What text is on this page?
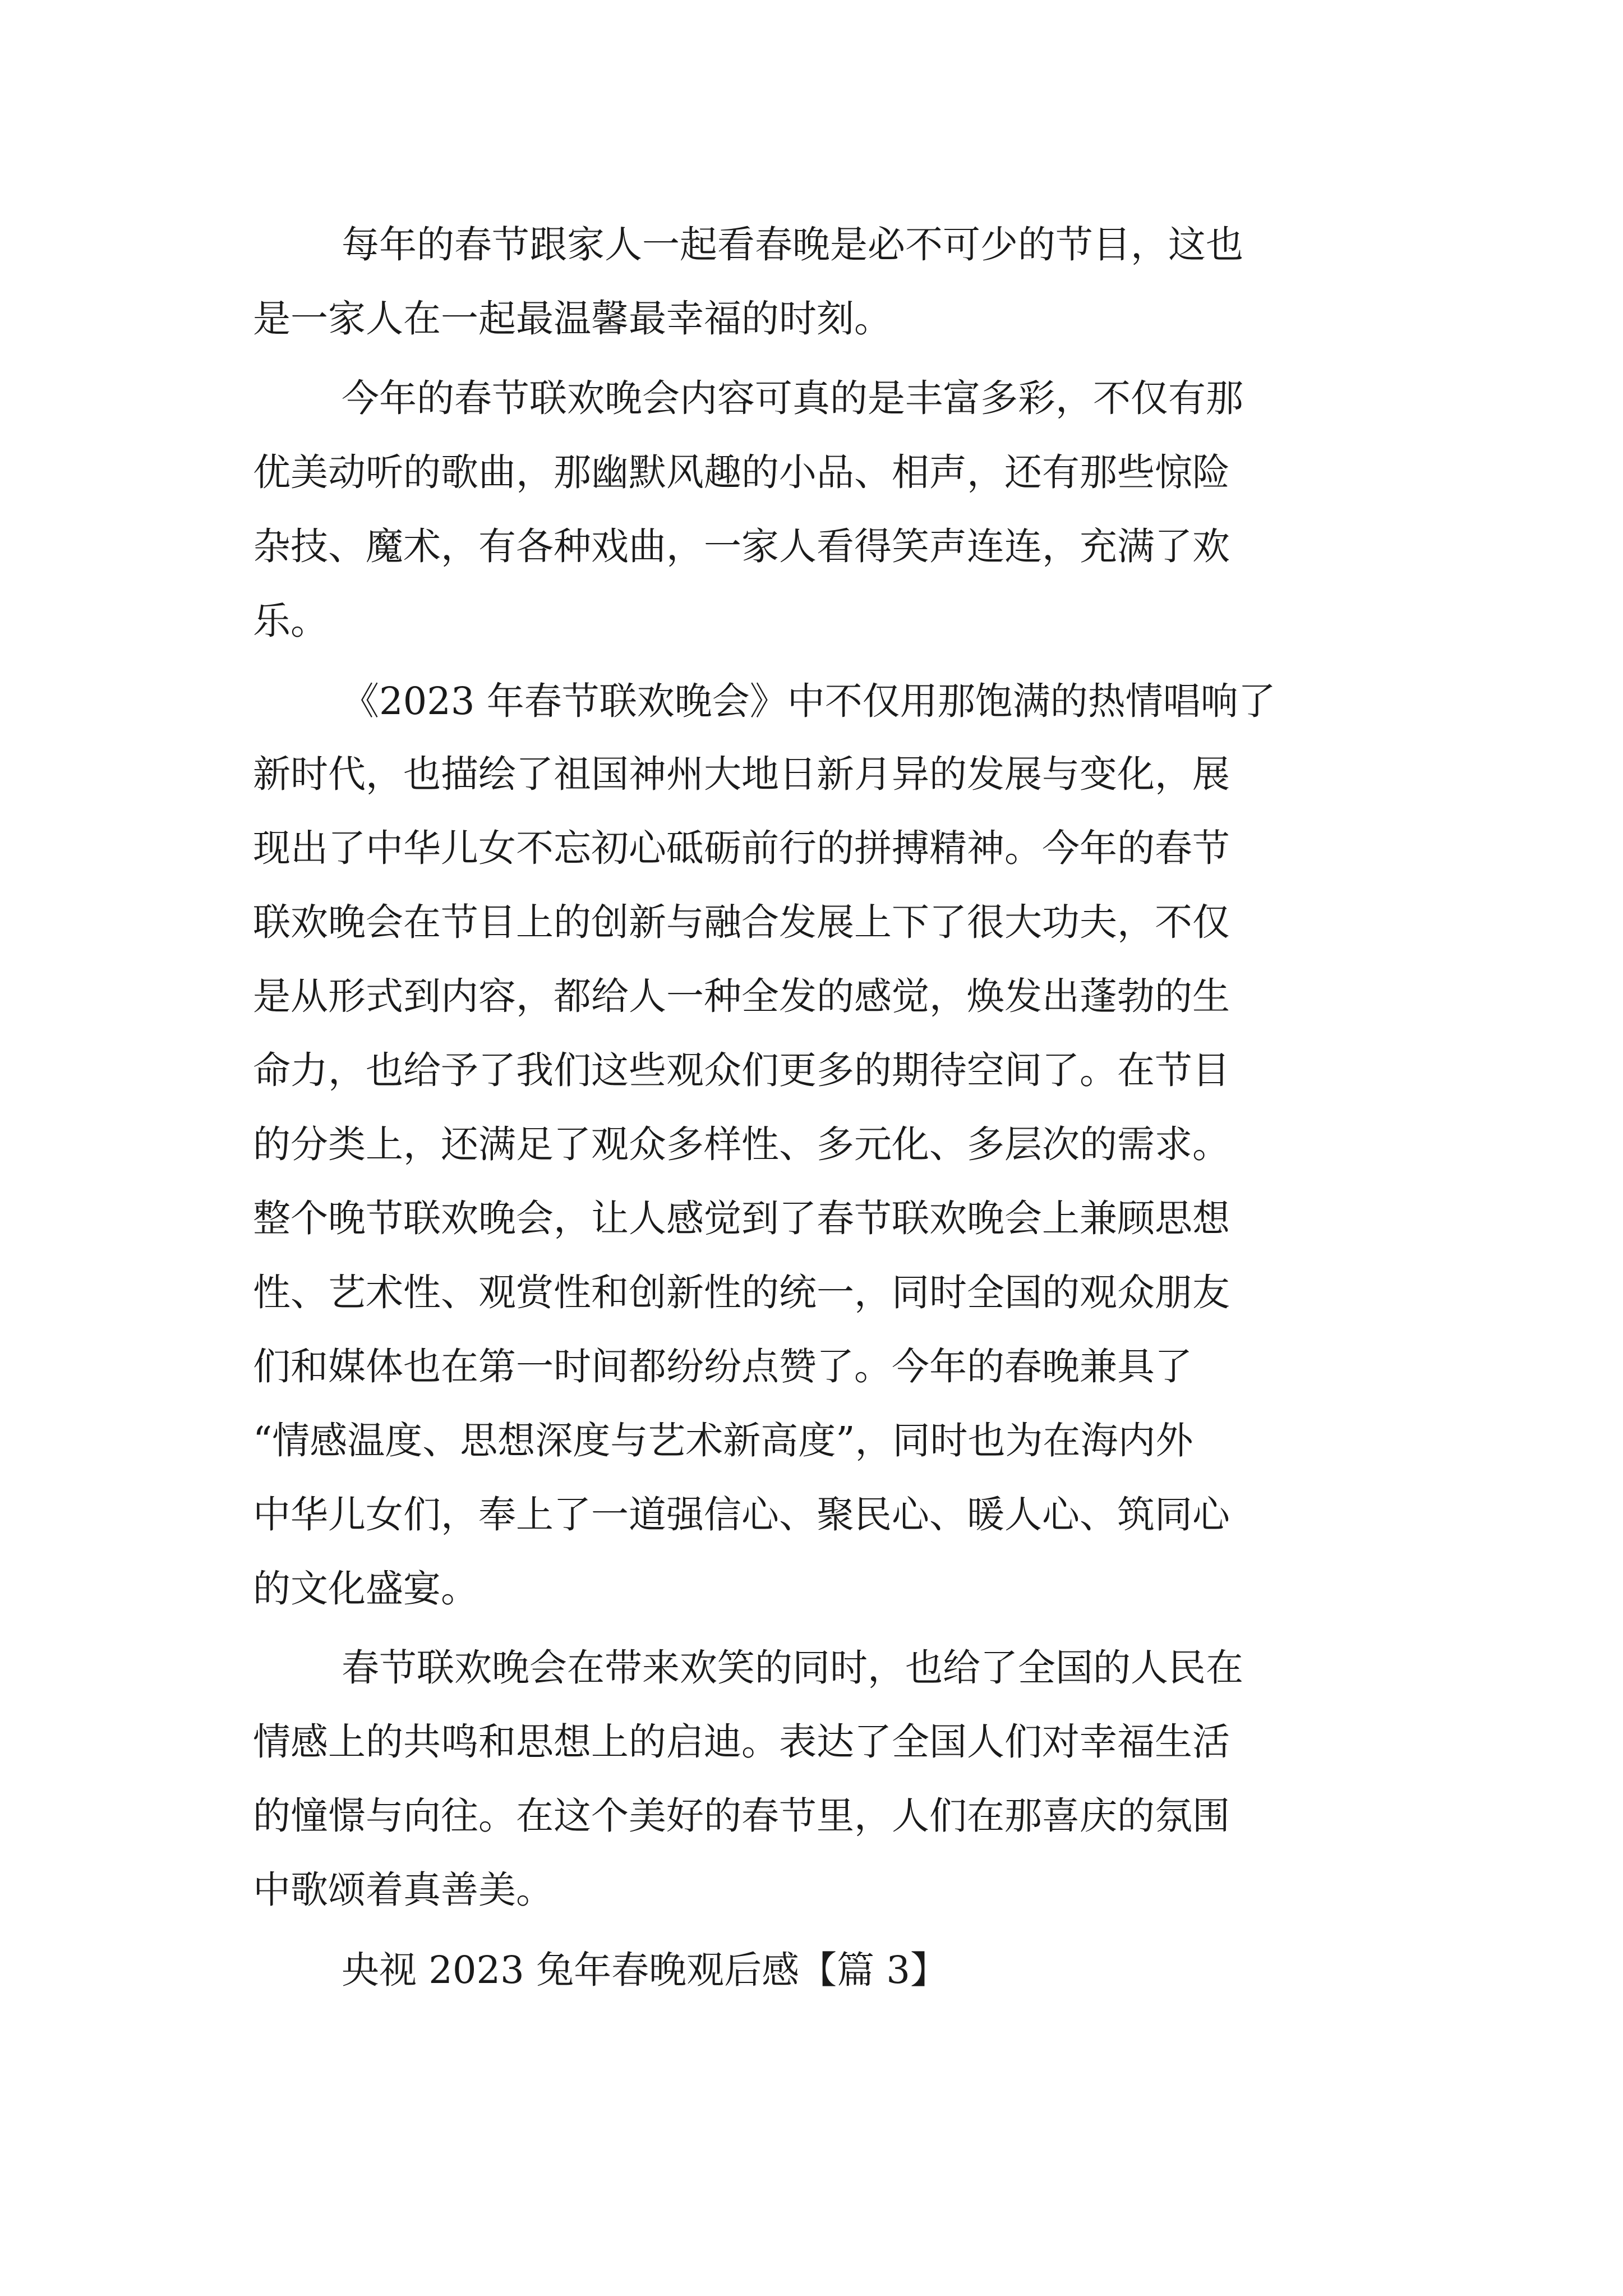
每年的春节跟家人一起看春晚是必不可少的节目，这也
是一家人在一起最温馨最幸福的时刻。
今年的春节联欢晚会内容可真的是丰富多彩，不仅有那
优美动听的歌曲，那幽默风趣的小品、相声，还有那些惊险
杂技、魔术，有各种戏曲，一家人看得笑声连连，充满了欢
乐。
《2023 年春节联欢晚会》中不仅用那饱满的热情唱响了
新时代，也描绘了祖国神州大地日新月异的发展与变化，展
现出了中华儿女不忘初心砥砺前行的拼搏精神。今年的春节
联欢晚会在节目上的创新与融合发展上下了很大功夫，不仅
是从形式到内容，都给人一种全发的感觉，焕发出蓬勃的生
命力，也给予了我们这些观众们更多的期待空间了。在节目
的分类上，还满足了观众多样性、多元化、多层次的需求。
整个晚节联欢晚会，让人感觉到了春节联欢晚会上兼顾思想
性、艺术性、观赏性和创新性的统一，同时全国的观众朋友
们和媒体也在第一时间都纷纷点赞了。今年的春晚兼具了
“情感温度、思想深度与艺术新高度”，同时也为在海内外
中华儿女们，奉上了一道强信心、聚民心、暖人心、筑同心
的文化盛宴。
春节联欢晚会在带来欢笑的同时，也给了全国的人民在
情感上的共鸣和思想上的启迪。表达了全国人们对幸福生活
的憧憬与向往。在这个美好的春节里，人们在那喜庆的氛围
中歌颂着真善美。
央视 2023 兔年春晚观后感【篇 3】
